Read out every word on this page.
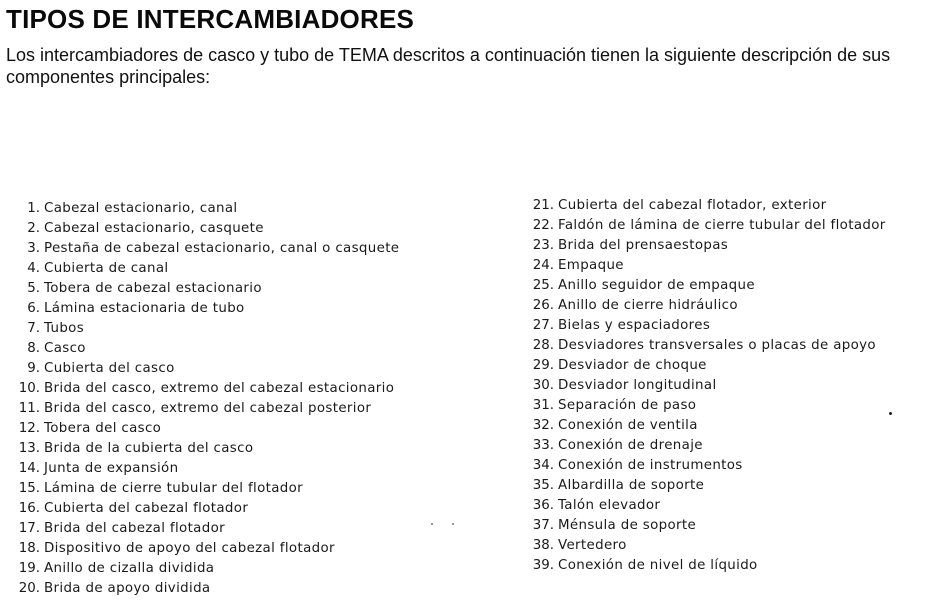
TIPOS DE INTERCAMBIADORES

Los intercambiadores de casco y tubo de TEMA descritos a continuación tienen la siguiente descripción de sus componentes principales:

1. Cabezal estacionario, canal
2. Cabezal estacionario, casquete
3. Pestaña de cabezal estacionario, canal o casquete
4. Cubierta de canal
5. Tobera de cabezal estacionario
6. Lámina estacionaria de tubo
7. Tubos
8. Casco
9. Cubierta del casco
10. Brida del casco, extremo del cabezal estacionario
11. Brida del casco, extremo del cabezal posterior
12. Tobera del casco
13. Brida de la cubierta del casco
14. Junta de expansión
15. Lámina de cierre tubular del flotador
16. Cubierta del cabezal flotador
17. Brida del cabezal flotador
18. Dispositivo de apoyo del cabezal flotador
19. Anillo de cizalla dividida
20. Brida de apoyo dividida
21. Cubierta del cabezal flotador, exterior
22. Faldón de lámina de cierre tubular del flotador
23. Brida del prensaestopas
24. Empaque
25. Anillo seguidor de empaque
26. Anillo de cierre hidráulico
27. Bielas y espaciadores
28. Desviadores transversales o placas de apoyo
29. Desviador de choque
30. Desviador longitudinal
31. Separación de paso
32. Conexión de ventila
33. Conexión de drenaje
34. Conexión de instrumentos
35. Albardilla de soporte
36. Talón elevador
37. Ménsula de soporte
38. Vertedero
39. Conexión de nivel de líquido
